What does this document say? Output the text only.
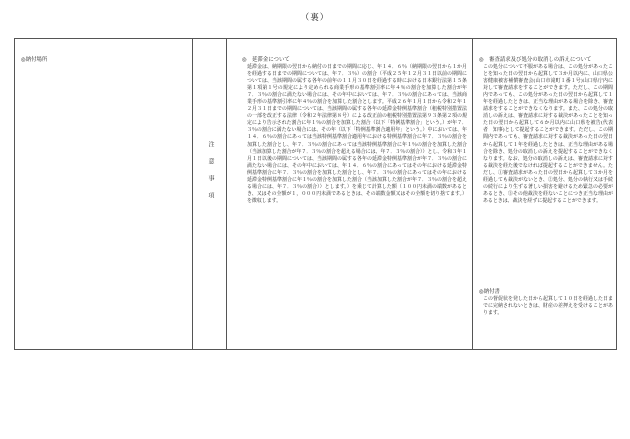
（裏）
◎納付場所
注意事項
◎　延滞金について
延滞金は、納期限の翌日から納付の日までの期間に応じ、年１４．６％（納期限の翌日から１か月を経過する日までの期間については、年７．３％）の割合（平成２５年１２月３１日以前の期間については、当該期間の属する各年の前年の１１月３０日を経過する時における日本銀行法第１５条第１項第１号の規定により定められる商業手形の基準割引率に年４％の割合を加算した割合が年７．３％の割合に満たない場合には、その年中においては、年７．３％の割合にあっては、当該商業手形の基準割引率に年４％の割合を加算した割合とします。平成２６年１月１日から令和２年１２月３１日までの期間については、当該期間の属する各年の延滞金特例基準割合（租税特別措置法の一部を改正する法律（令和２年法律第８号）による改正前の租税特別措置法第９３条第２項の規定により告示された割合に年１％の割合を加算した割合（以下「特例基準割合」という。）が年７．３％の割合に満たない場合には、その年（以下「特例基準割合適用年」という。）中においては、年１４．６％の割合にあっては当該特例基準割合適用年における特例基準割合に年７．３％の割合を加算した割合とし、年７．３％の割合にあっては当該特例基準割合に年１％の割合を加算した割合（当該加算した割合が年７．３％の割合を超える場合には、年７．３％の割合））とし、令和３年１月１日以後の期間については、当該期間の属する各年の延滞金特例基準割合が年７．３％の割合に満たない場合には、その年中においては、年１４．６％の割合にあってはその年における延滞金特例基準割合に年７．３％の割合を加算した割合とし、年７．３％の割合にあってはその年における延滞金特例基準割合に年１％の割合を加算した割合（当該加算した割合が年７．３％の割合を超える場合には、年７．３％の割合））とします。）を乗じて計算した額（１００円未満の端数があるとき、又はその全額が１，０００円未満であるときは、その端数金額又はその全額を切り捨てます。）を徴収します。
◎　審査請求及び処分の取消しの訴えについて
この処分について不服がある場合は、この処分があったことを知った日の翌日から起算して３か月以内に、山口県公害健康被害補償審査会(山口市滝町１番１号)山口県庁内に対して審査請求をすることができます。ただし、この期間内であっても、この処分があった日の翌日から起算して１年を経過したときは、正当な理由がある場合を除き、審査請求をすることができなくなります。また、この処分の取消しの訴えは、審査請求に対する裁決があったことを知った日の翌日から起算して６か月以内に山口県を被告(代表者　知事)として提起することができます。ただし、この期間内であっても、審査請求に対する裁決があった日の翌日から起算して１年を経過したときは、正当な理由がある場合を除き、処分の取消しの訴えを提起することができなくなります。なお、処分の取消しの訴えは、審査請求に対する裁決を経た後でなければ提起することができません。ただし、①審査請求があった日の翌日から起算して３か月を経過しても裁決がないとき、②処分、処分の執行又は手続の続行により生ずる著しい損害を避けるため緊急の必要があるとき、③その他裁決を経ないことにつき正当な理由があるときは、裁決を経ずに提起することができます。
◎納付書
この督促状を発した日から起算して１０日を経過した日までに完納されないときは、財産の差押えを受けることがあります。
